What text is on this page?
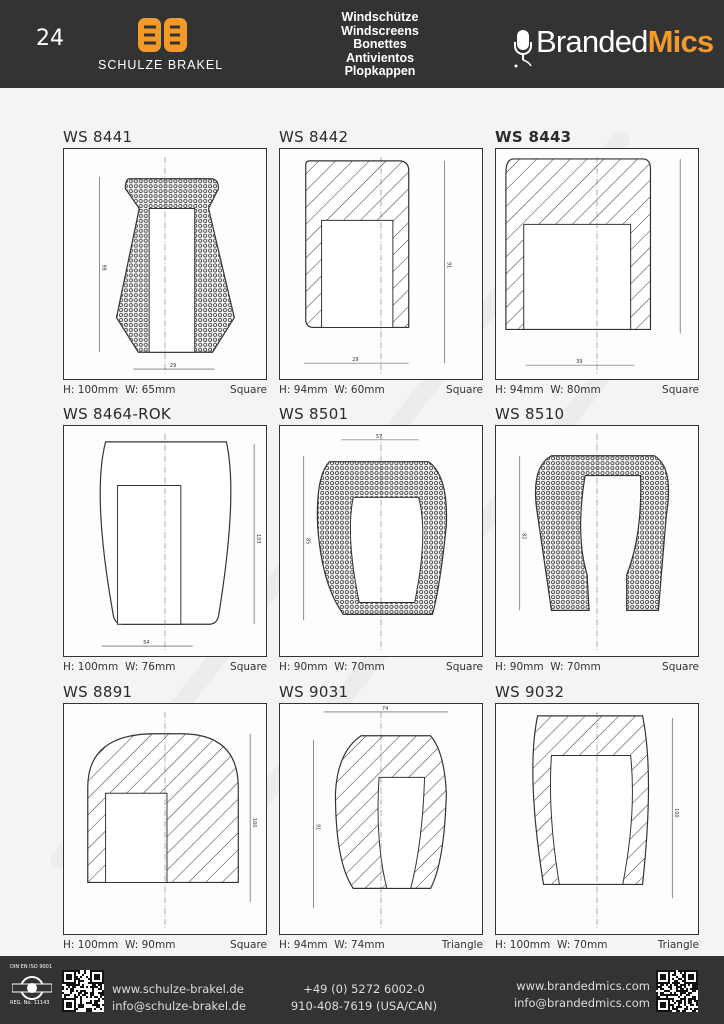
24
SCHULZE BRAKEL
Windschütze
Windscreens
Bonettes
Antivientos
Plopkappen
BrandedMics
WS 8441
98
29
H: 100mm W: 65mm	Square
WS 8442
91
29
H: 94mm W: 60mm	Square
WS 8443
39
H: 94mm W: 80mm	Square
WS 8464-ROK
103
54
H: 100mm W: 76mm	Square
WS 8501
85
57
H: 90mm W: 70mm	Square
WS 8510
82
H: 90mm W: 70mm	Square
WS 8891
100
H: 100mm W: 90mm	Square
WS 9031
91
74
H: 94mm W: 74mm	Triangle
WS 9032
100
H: 100mm W: 70mm	Triangle
DIN EN ISO 9001
REG. No. 11143
www.schulze-brakel.de
info@schulze-brakel.de
+49 (0) 5272 6002-0
910-408-7619 (USA/CAN)
www.brandedmics.com
info@brandedmics.com
